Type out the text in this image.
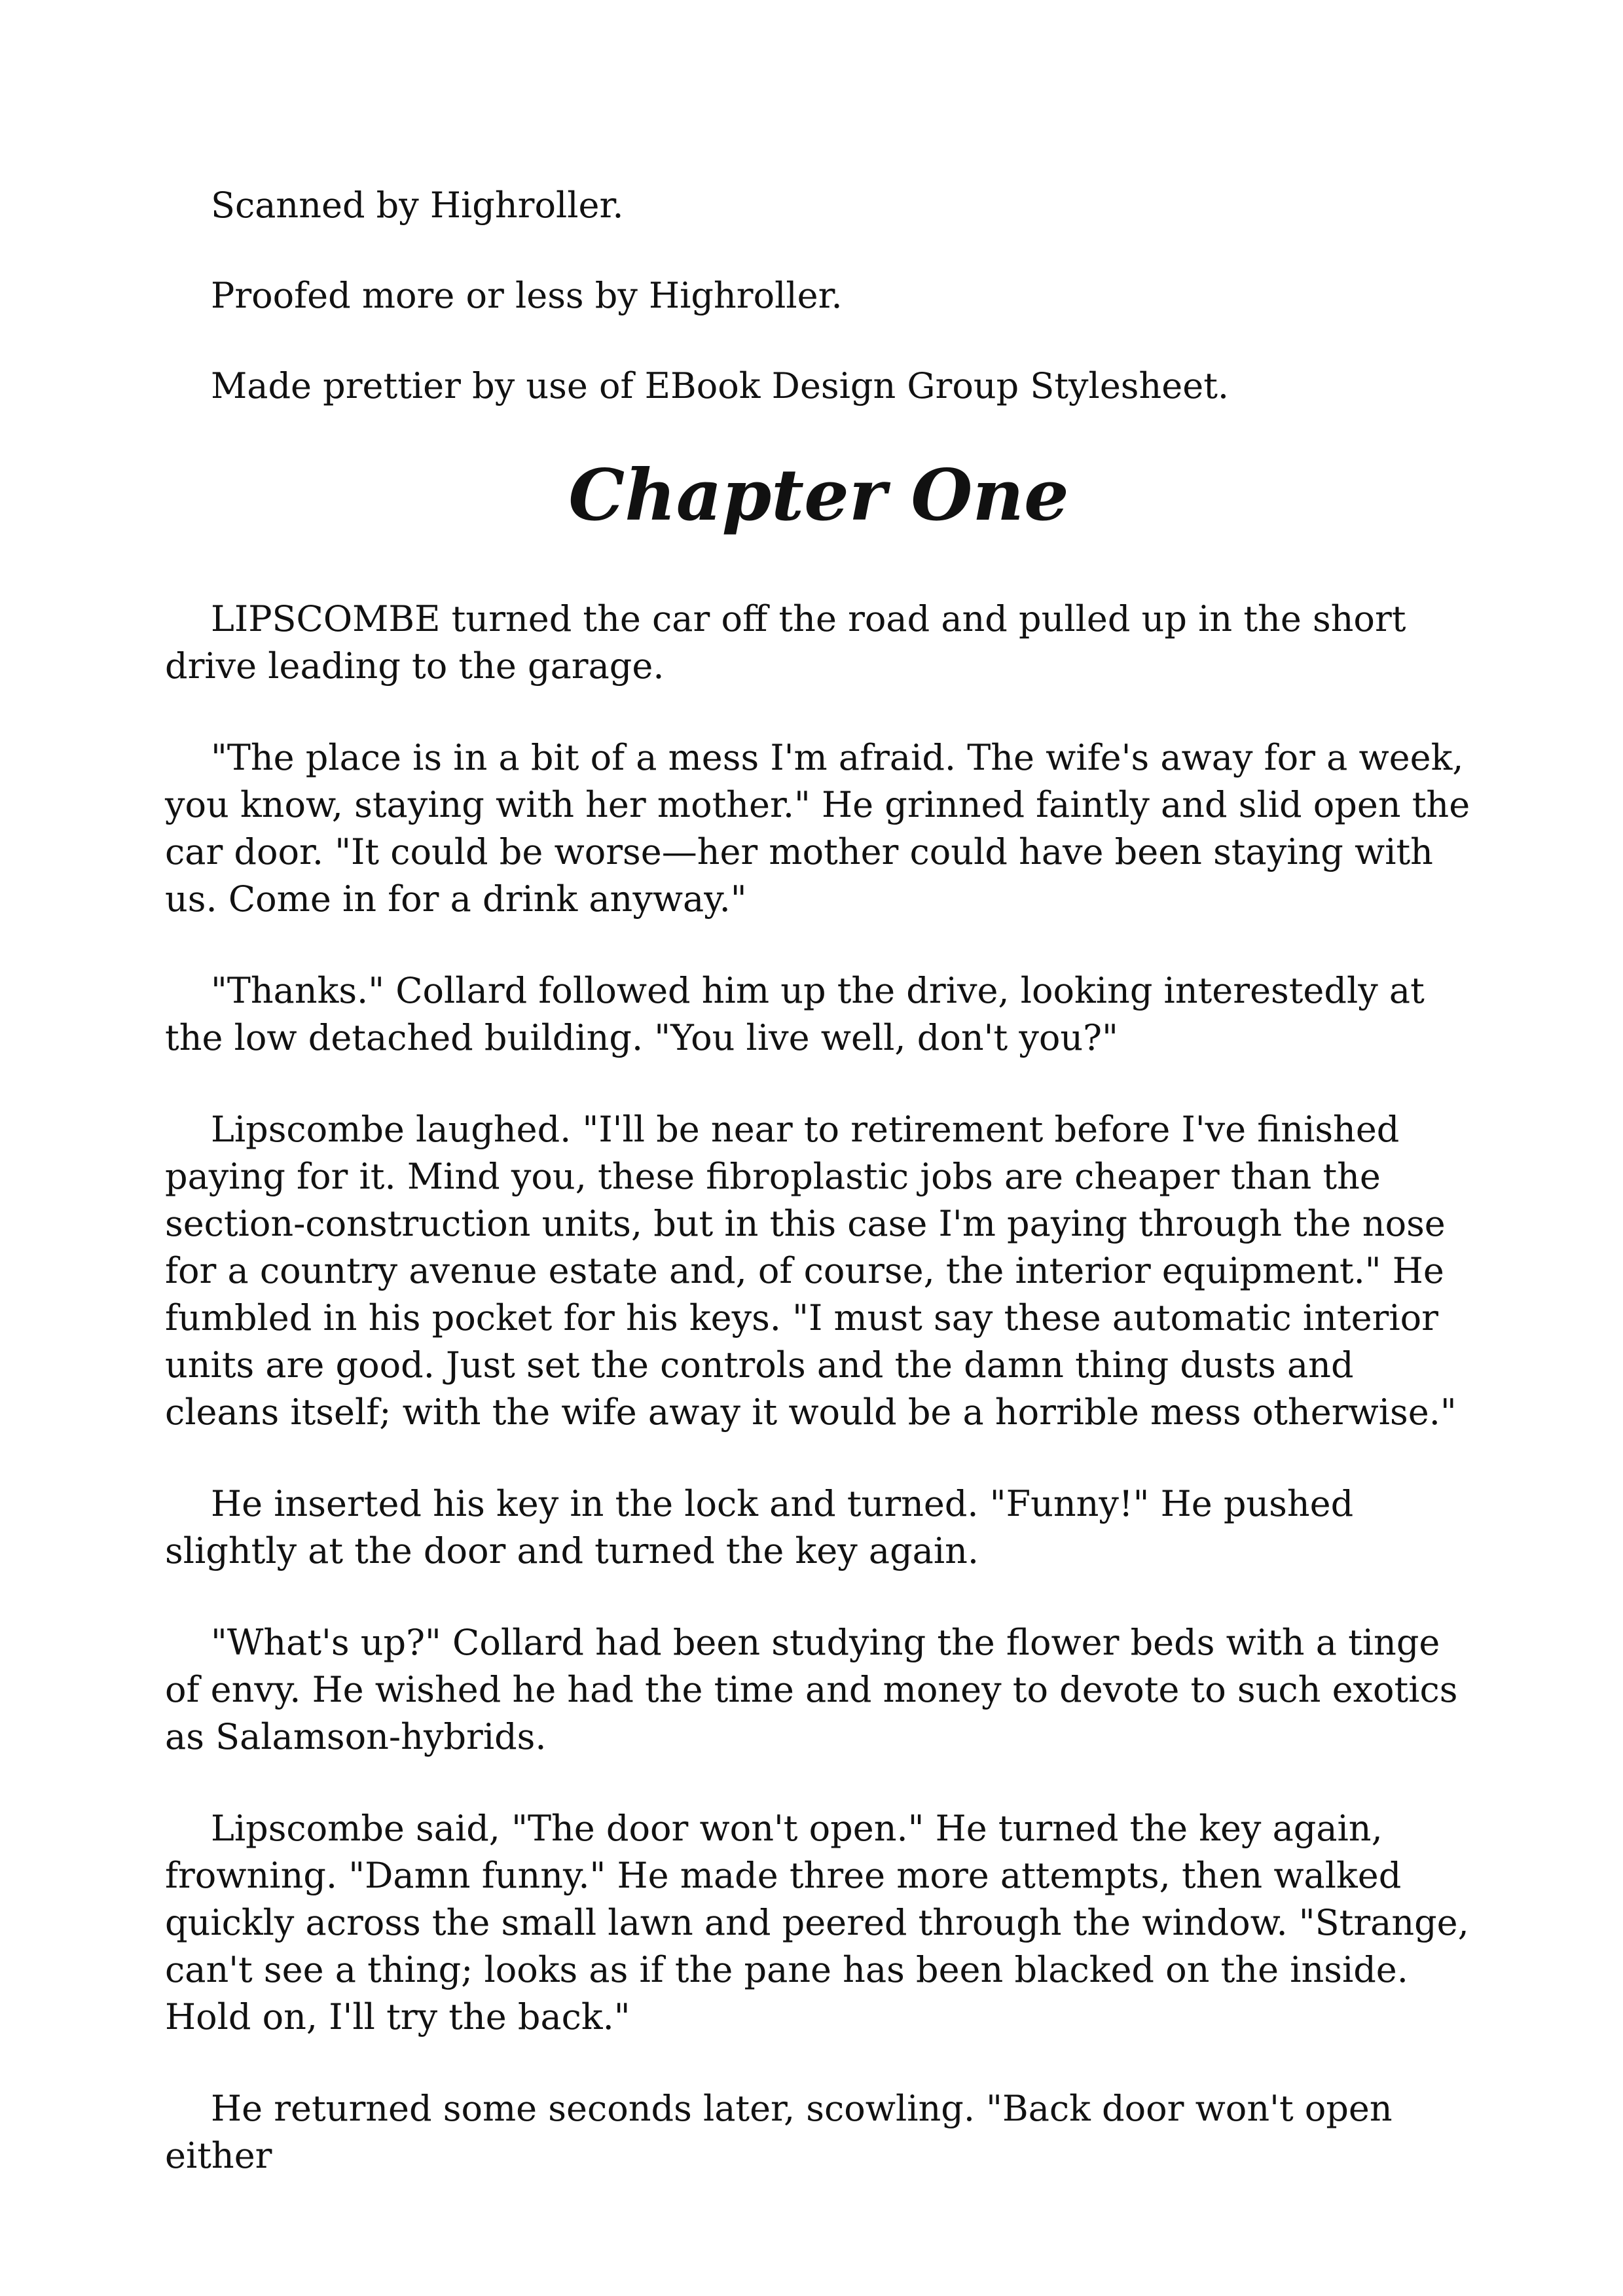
Scanned by Highroller.

Proofed more or less by Highroller.

Made prettier by use of EBook Design Group Stylesheet.

Chapter One

LIPSCOMBE turned the car off the road and pulled up in the short drive leading to the garage.

"The place is in a bit of a mess I'm afraid. The wife's away for a week, you know, staying with her mother." He grinned faintly and slid open the car door. "It could be worse—her mother could have been staying with us. Come in for a drink anyway."

"Thanks." Collard followed him up the drive, looking interestedly at the low detached building. "You live well, don't you?"

Lipscombe laughed. "I'll be near to retirement before I've finished paying for it. Mind you, these fibroplastic jobs are cheaper than the section-construction units, but in this case I'm paying through the nose for a country avenue estate and, of course, the interior equipment." He fumbled in his pocket for his keys. "I must say these automatic interior units are good. Just set the controls and the damn thing dusts and cleans itself; with the wife away it would be a horrible mess otherwise."

He inserted his key in the lock and turned. "Funny!" He pushed slightly at the door and turned the key again.

"What's up?" Collard had been studying the flower beds with a tinge of envy. He wished he had the time and money to devote to such exotics as Salamson-hybrids.

Lipscombe said, "The door won't open." He turned the key again, frowning. "Damn funny." He made three more attempts, then walked quickly across the small lawn and peered through the window. "Strange, can't see a thing; looks as if the pane has been blacked on the inside. Hold on, I'll try the back."

He returned some seconds later, scowling. "Back door won't open either
